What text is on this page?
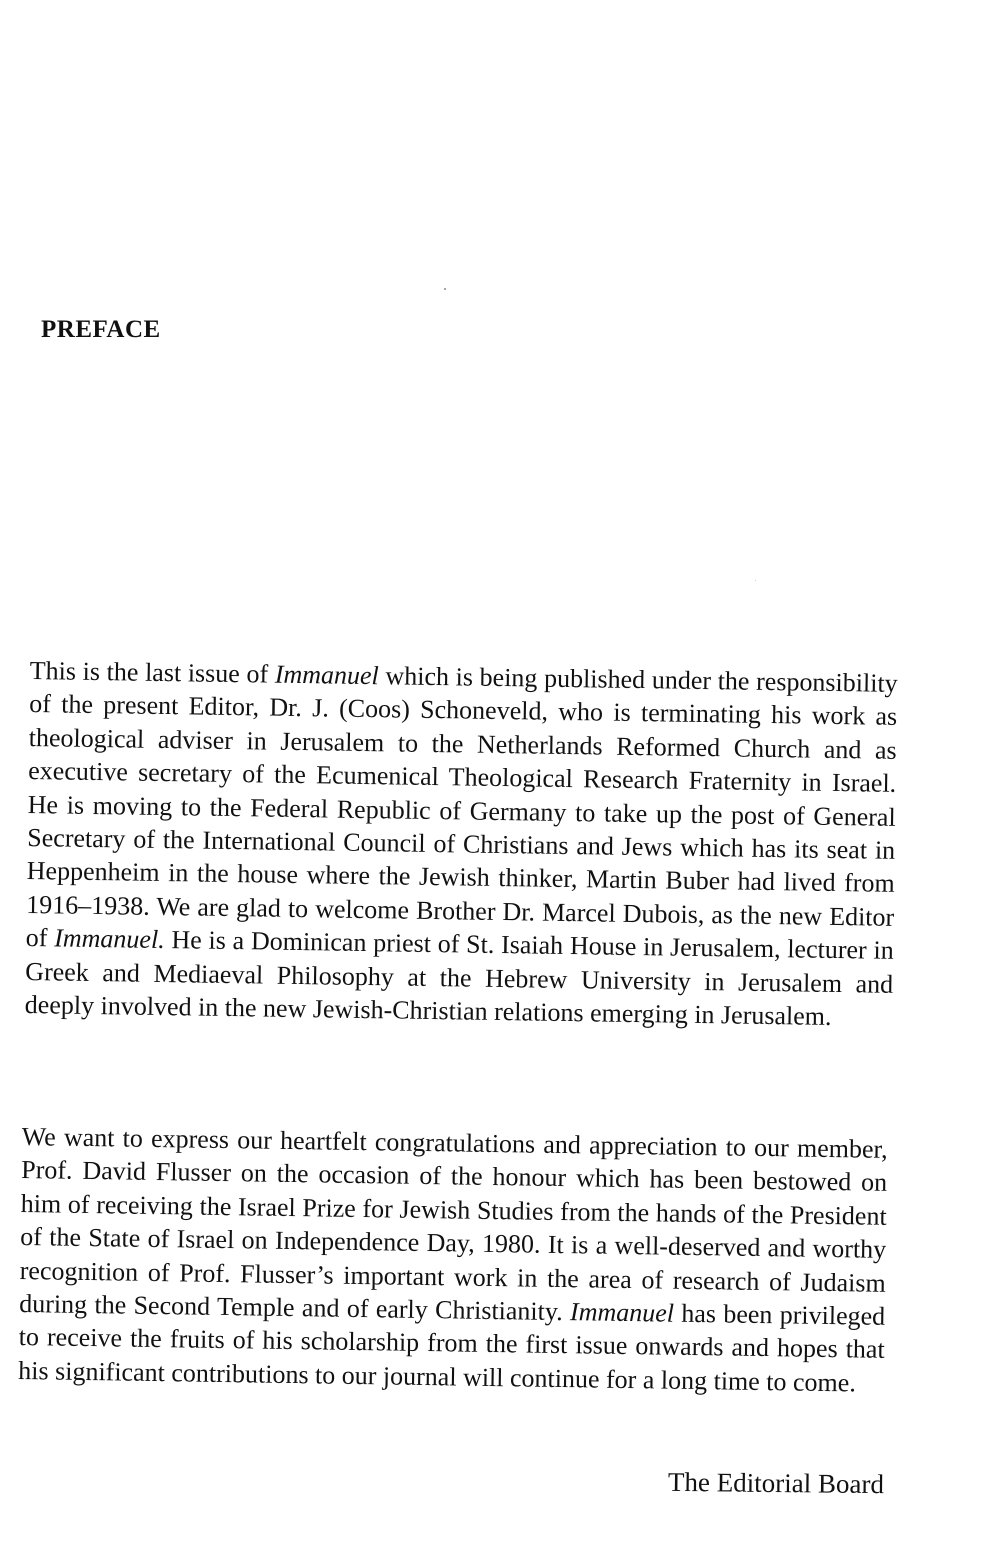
PREFACE

This is the last issue of Immanuel which is being published under the responsibility of the present Editor, Dr. J. (Coos) Schoneveld, who is terminating his work as theological adviser in Jerusalem to the Netherlands Reformed Church and as executive secretary of the Ecumenical Theological Research Fraternity in Israel. He is moving to the Federal Republic of Germany to take up the post of General Secretary of the International Council of Christians and Jews which has its seat in Heppenheim in the house where the Jewish thinker, Martin Buber had lived from 1916–1938. We are glad to welcome Brother Dr. Marcel Dubois, as the new Editor of Immanuel. He is a Dominican priest of St. Isaiah House in Jerusalem, lecturer in Greek and Mediaeval Philosophy at the Hebrew University in Jerusalem and deeply involved in the new Jewish-Christian relations emerging in Jerusalem.

We want to express our heartfelt congratulations and appreciation to our member, Prof. David Flusser on the occasion of the honour which has been bestowed on him of receiving the Israel Prize for Jewish Studies from the hands of the President of the State of Israel on Independence Day, 1980. It is a well-deserved and worthy recognition of Prof. Flusser’s important work in the area of research of Judaism during the Second Temple and of early Christianity. Immanuel has been privileged to receive the fruits of his scholarship from the first issue onwards and hopes that his significant contributions to our journal will continue for a long time to come.

The Editorial Board
